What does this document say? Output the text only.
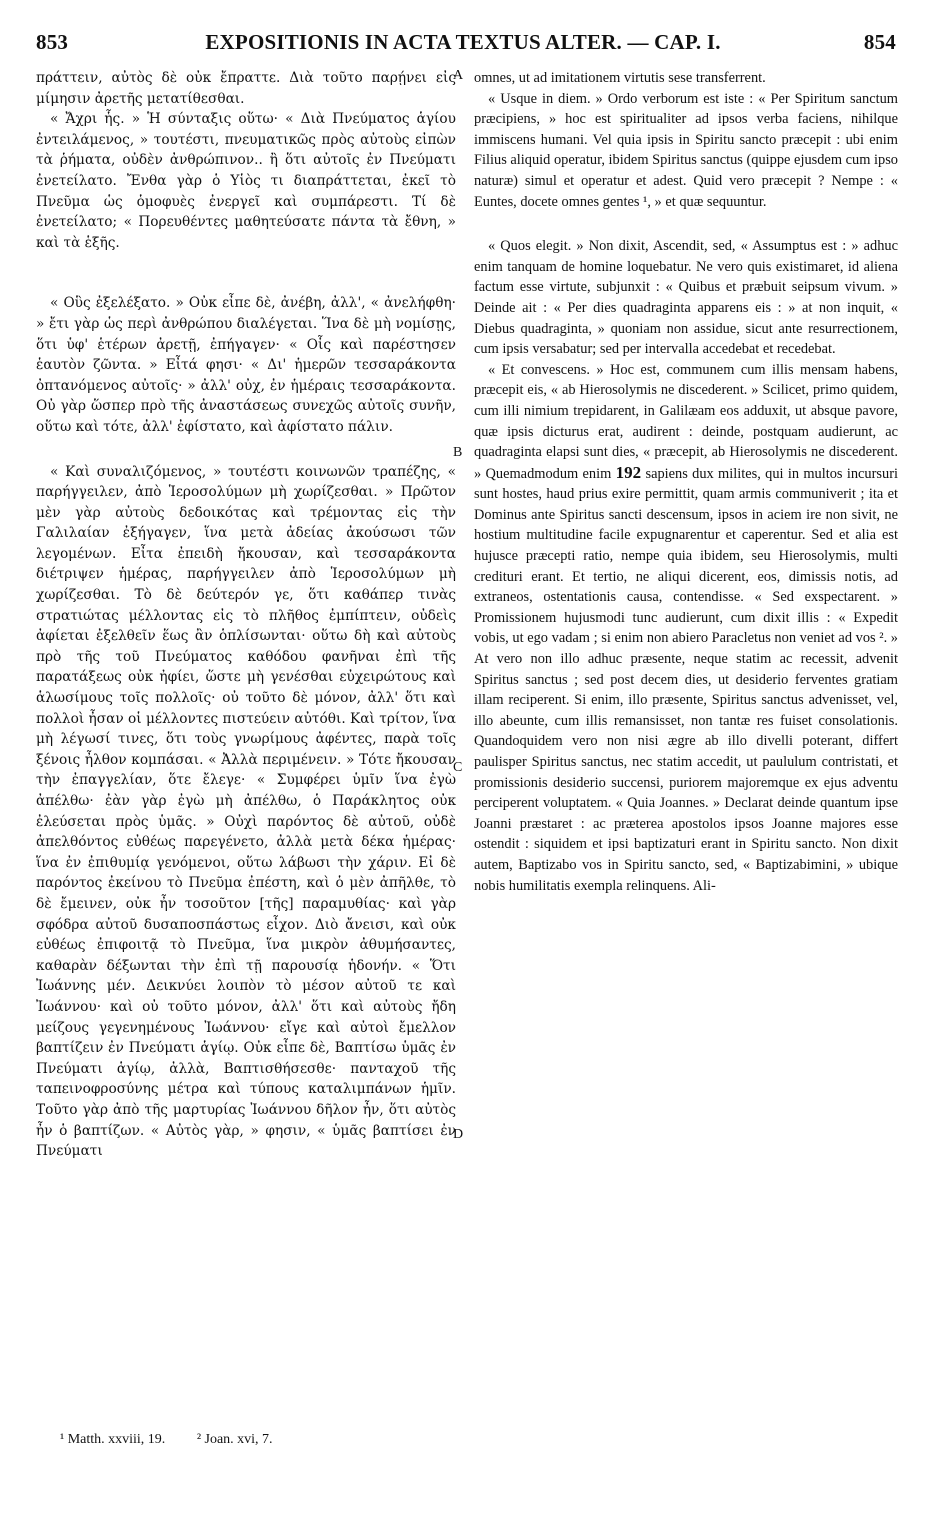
853	EXPOSITIONIS IN ACTA TEXTUS ALTER. — CAP. I.	854

πράττειν, αὐτὸς δὲ οὐκ ἔπραττε. Διὰ τοῦτο παρῄνει εἰς μίμησιν ἀρετῆς μετατίθεσθαι.

« Ἄχρι ἧς. » Ἡ σύνταξις οὕτω· « Διὰ Πνεύματος ἁγίου ἐντειλάμενος, » τουτέστι, πνευματικῶς πρὸς αὐτοὺς εἰπὼν τὰ ῥήματα, οὐδὲν ἀνθρώπινον.. ἢ ὅτι αὐτοῖς ἐν Πνεύματι ἐνετείλατο. Ἔνθα γὰρ ὁ Υἱὸς τι διαπράττεται, ἐκεῖ τὸ Πνεῦμα ὡς ὁμοφυὲς ἐνεργεῖ καὶ συμπάρεστι. Τί δὲ ἐνετείλατο; « Πορευθέντες μαθητεύσατε πάντα τὰ ἔθνη, » καὶ τὰ ἑξῆς.

« Οὓς ἐξελέξατο. » Οὐκ εἶπε δὲ, ἀνέβη, ἀλλ', « ἀνελήφθη· » ἔτι γὰρ ὡς περὶ ἀνθρώπου διαλέγεται. Ἵνα δὲ μὴ νομίσῃς, ὅτι ὑφ' ἑτέρων ἀρετῇ, ἐπήγαγεν· « Οἷς καὶ παρέστησεν ἑαυτὸν ζῶντα. » Εἶτά φησι· « Δι' ἡμερῶν τεσσαράκοντα ὀπτανόμενος αὐτοῖς· » ἀλλ' οὐχ, ἐν ἡμέραις τεσσαράκοντα. Οὐ γὰρ ὥσπερ πρὸ τῆς ἀναστάσεως συνεχῶς αὐτοῖς συνῆν, οὕτω καὶ τότε, ἀλλ' ἐφίστατο, καὶ ἀφίστατο πάλιν.

« Καὶ συναλιζόμενος, » τουτέστι κοινωνῶν τραπέζης, « παρήγγειλεν, ἀπὸ Ἱεροσολύμων μὴ χωρίζεσθαι. » Πρῶτον μὲν γὰρ αὐτοὺς δεδοικότας καὶ τρέμοντας εἰς τὴν Γαλιλαίαν ἐξήγαγεν, ἵνα μετὰ ἀδείας ἀκούσωσι τῶν λεγομένων. Εἶτα ἐπειδὴ ἤκουσαν, καὶ τεσσαράκοντα διέτριψεν ἡμέρας, παρήγγειλεν ἀπὸ Ἱεροσολύμων μὴ χωρίζεσθαι. Τὸ δὲ δεύτερόν γε, ὅτι καθάπερ τινὰς στρατιώτας μέλλοντας εἰς τὸ πλῆθος ἐμπίπτειν, οὐδεὶς ἀφίεται ἐξελθεῖν ἕως ἂν ὁπλίσωνται· οὕτω δὴ καὶ αὐτοὺς πρὸ τῆς τοῦ Πνεύματος καθόδου φανῆναι ἐπὶ τῆς παρατάξεως οὐκ ἠφίει, ὥστε μὴ γενέσθαι εὐχειρώτους καὶ ἁλωσίμους τοῖς πολλοῖς· οὐ τοῦτο δὲ μόνον, ἀλλ' ὅτι καὶ πολλοὶ ἦσαν οἱ μέλλοντες πιστεύειν αὐτόθι. Καὶ τρίτον, ἵνα μὴ λέγωσί τινες, ὅτι τοὺς γνωρίμους ἀφέντες, παρὰ τοῖς ξένοις ἦλθον κομπάσαι. « Ἀλλὰ περιμένειν. » Τότε ἤκουσαν τὴν ἐπαγγελίαν, ὅτε ἔλεγε· « Συμφέρει ὑμῖν ἵνα ἐγὼ ἀπέλθω· ἐὰν γὰρ ἐγὼ μὴ ἀπέλθω, ὁ Παράκλητος οὐκ ἐλεύσεται πρὸς ὑμᾶς. » Οὐχὶ παρόντος δὲ αὐτοῦ, οὐδὲ ἀπελθόντος εὐθέως παρεγένετο, ἀλλὰ μετὰ δέκα ἡμέρας· ἵνα ἐν ἐπιθυμίᾳ γενόμενοι, οὕτω λάβωσι τὴν χάριν. Εἰ δὲ παρόντος ἐκείνου τὸ Πνεῦμα ἐπέστη, καὶ ὁ μὲν ἀπῆλθε, τὸ δὲ ἔμεινεν, οὐκ ἦν τοσοῦτον [τῆς] παραμυθίας· καὶ γὰρ σφόδρα αὐτοῦ δυσαποσπάστως εἶχον. Διὸ ἄνεισι, καὶ οὐκ εὐθέως ἐπιφοιτᾷ τὸ Πνεῦμα, ἵνα μικρὸν ἀθυμήσαντες, καθαρὰν δέξωνται τὴν ἐπὶ τῇ παρουσίᾳ ἡδονήν. « Ὅτι Ἰωάννης μέν. Δεικνύει λοιπὸν τὸ μέσον αὐτοῦ τε καὶ Ἰωάννου· καὶ οὐ τοῦτο μόνον, ἀλλ' ὅτι καὶ αὐτοὺς ἤδη μείζους γεγενημένους Ἰωάννου· εἴγε καὶ αὐτοὶ ἔμελλον βαπτίζειν ἐν Πνεύματι ἁγίῳ. Οὐκ εἶπε δὲ, Βαπτίσω ὑμᾶς ἐν Πνεύματι ἁγίῳ, ἀλλὰ, Βαπτισθήσεσθε· πανταχοῦ τῆς ταπεινοφροσύνης μέτρα καὶ τύπους καταλιμπάνων ἡμῖν. Τοῦτο γὰρ ἀπὸ τῆς μαρτυρίας Ἰωάννου δῆλον ἦν, ὅτι αὐτὸς ἦν ὁ βαπτίζων. « Αὐτὸς γὰρ, » φησιν, « ὑμᾶς βαπτίσει ἐν Πνεύματι

A
B
C
D

omnes, ut ad imitationem virtutis sese transferrent.

« Usque in diem. » Ordo verborum est iste : « Per Spiritum sanctum præcipiens, » hoc est spiritualiter ad ipsos verba faciens, nihilque immiscens humani. Vel quia ipsis in Spiritu sancto præcepit : ubi enim Filius aliquid operatur, ibidem Spiritus sanctus (quippe ejusdem cum ipso naturæ) simul et operatur et adest. Quid vero præcepit ? Nempe : « Euntes, docete omnes gentes ¹, » et quæ sequuntur.

« Quos elegit. » Non dixit, Ascendit, sed, « Assumptus est : » adhuc enim tanquam de homine loquebatur. Ne vero quis existimaret, id aliena factum esse virtute, subjunxit : « Quibus et præbuit seipsum vivum. » Deinde ait : « Per dies quadraginta apparens eis : » at non inquit, « Diebus quadraginta, » quoniam non assidue, sicut ante resurrectionem, cum ipsis versabatur; sed per intervalla accedebat et recedebat.

« Et convescens. » Hoc est, communem cum illis mensam habens, præcepit eis, « ab Hierosolymis ne discederent. » Scilicet, primo quidem, cum illi nimium trepidarent, in Galilæam eos adduxit, ut absque pavore, quæ ipsis dicturus erat, audirent : deinde, postquam audierunt, ac quadraginta elapsi sunt dies, « præcepit, ab Hierosolymis ne discederent. » Quemadmodum enim 192 sapiens dux milites, qui in multos incursuri sunt hostes, haud prius exire permittit, quam armis communiverit ; ita et Dominus ante Spiritus sancti descensum, ipsos in aciem ire non sivit, ne hostium multitudine facile expugnarentur et caperentur. Sed et alia est hujusce præcepti ratio, nempe quia ibidem, seu Hierosolymis, multi credituri erant. Et tertio, ne aliqui dicerent, eos, dimissis notis, ad extraneos, ostentationis causa, contendisse. « Sed exspectarent. » Promissionem hujusmodi tunc audierunt, cum dixit illis : « Expedit vobis, ut ego vadam ; si enim non abiero Paracletus non veniet ad vos ². » At vero non illo adhuc præsente, neque statim ac recessit, advenit Spiritus sanctus ; sed post decem dies, ut desiderio ferventes gratiam illam reciperent. Si enim, illo præsente, Spiritus sanctus advenisset, vel, illo abeunte, cum illis remansisset, non tantæ res fuiset consolationis. Quandoquidem vero non nisi ægre ab illo divelli poterant, differt paulisper Spiritus sanctus, nec statim accedit, ut paululum contristati, et promissionis desiderio succensi, puriorem majoremque ex ejus adventu perciperent voluptatem. « Quia Joannes. » Declarat deinde quantum ipse Joanni præstaret : ac præterea apostolos ipsos Joanne majores esse ostendit : siquidem et ipsi baptizaturi erant in Spiritu sancto. Non dixit autem, Baptizabo vos in Spiritu sancto, sed, « Baptizabimini, » ubique nobis humilitatis exempla relinquens. Ali-

¹ Matth. xxviii, 19. ² Joan. xvi, 7.
